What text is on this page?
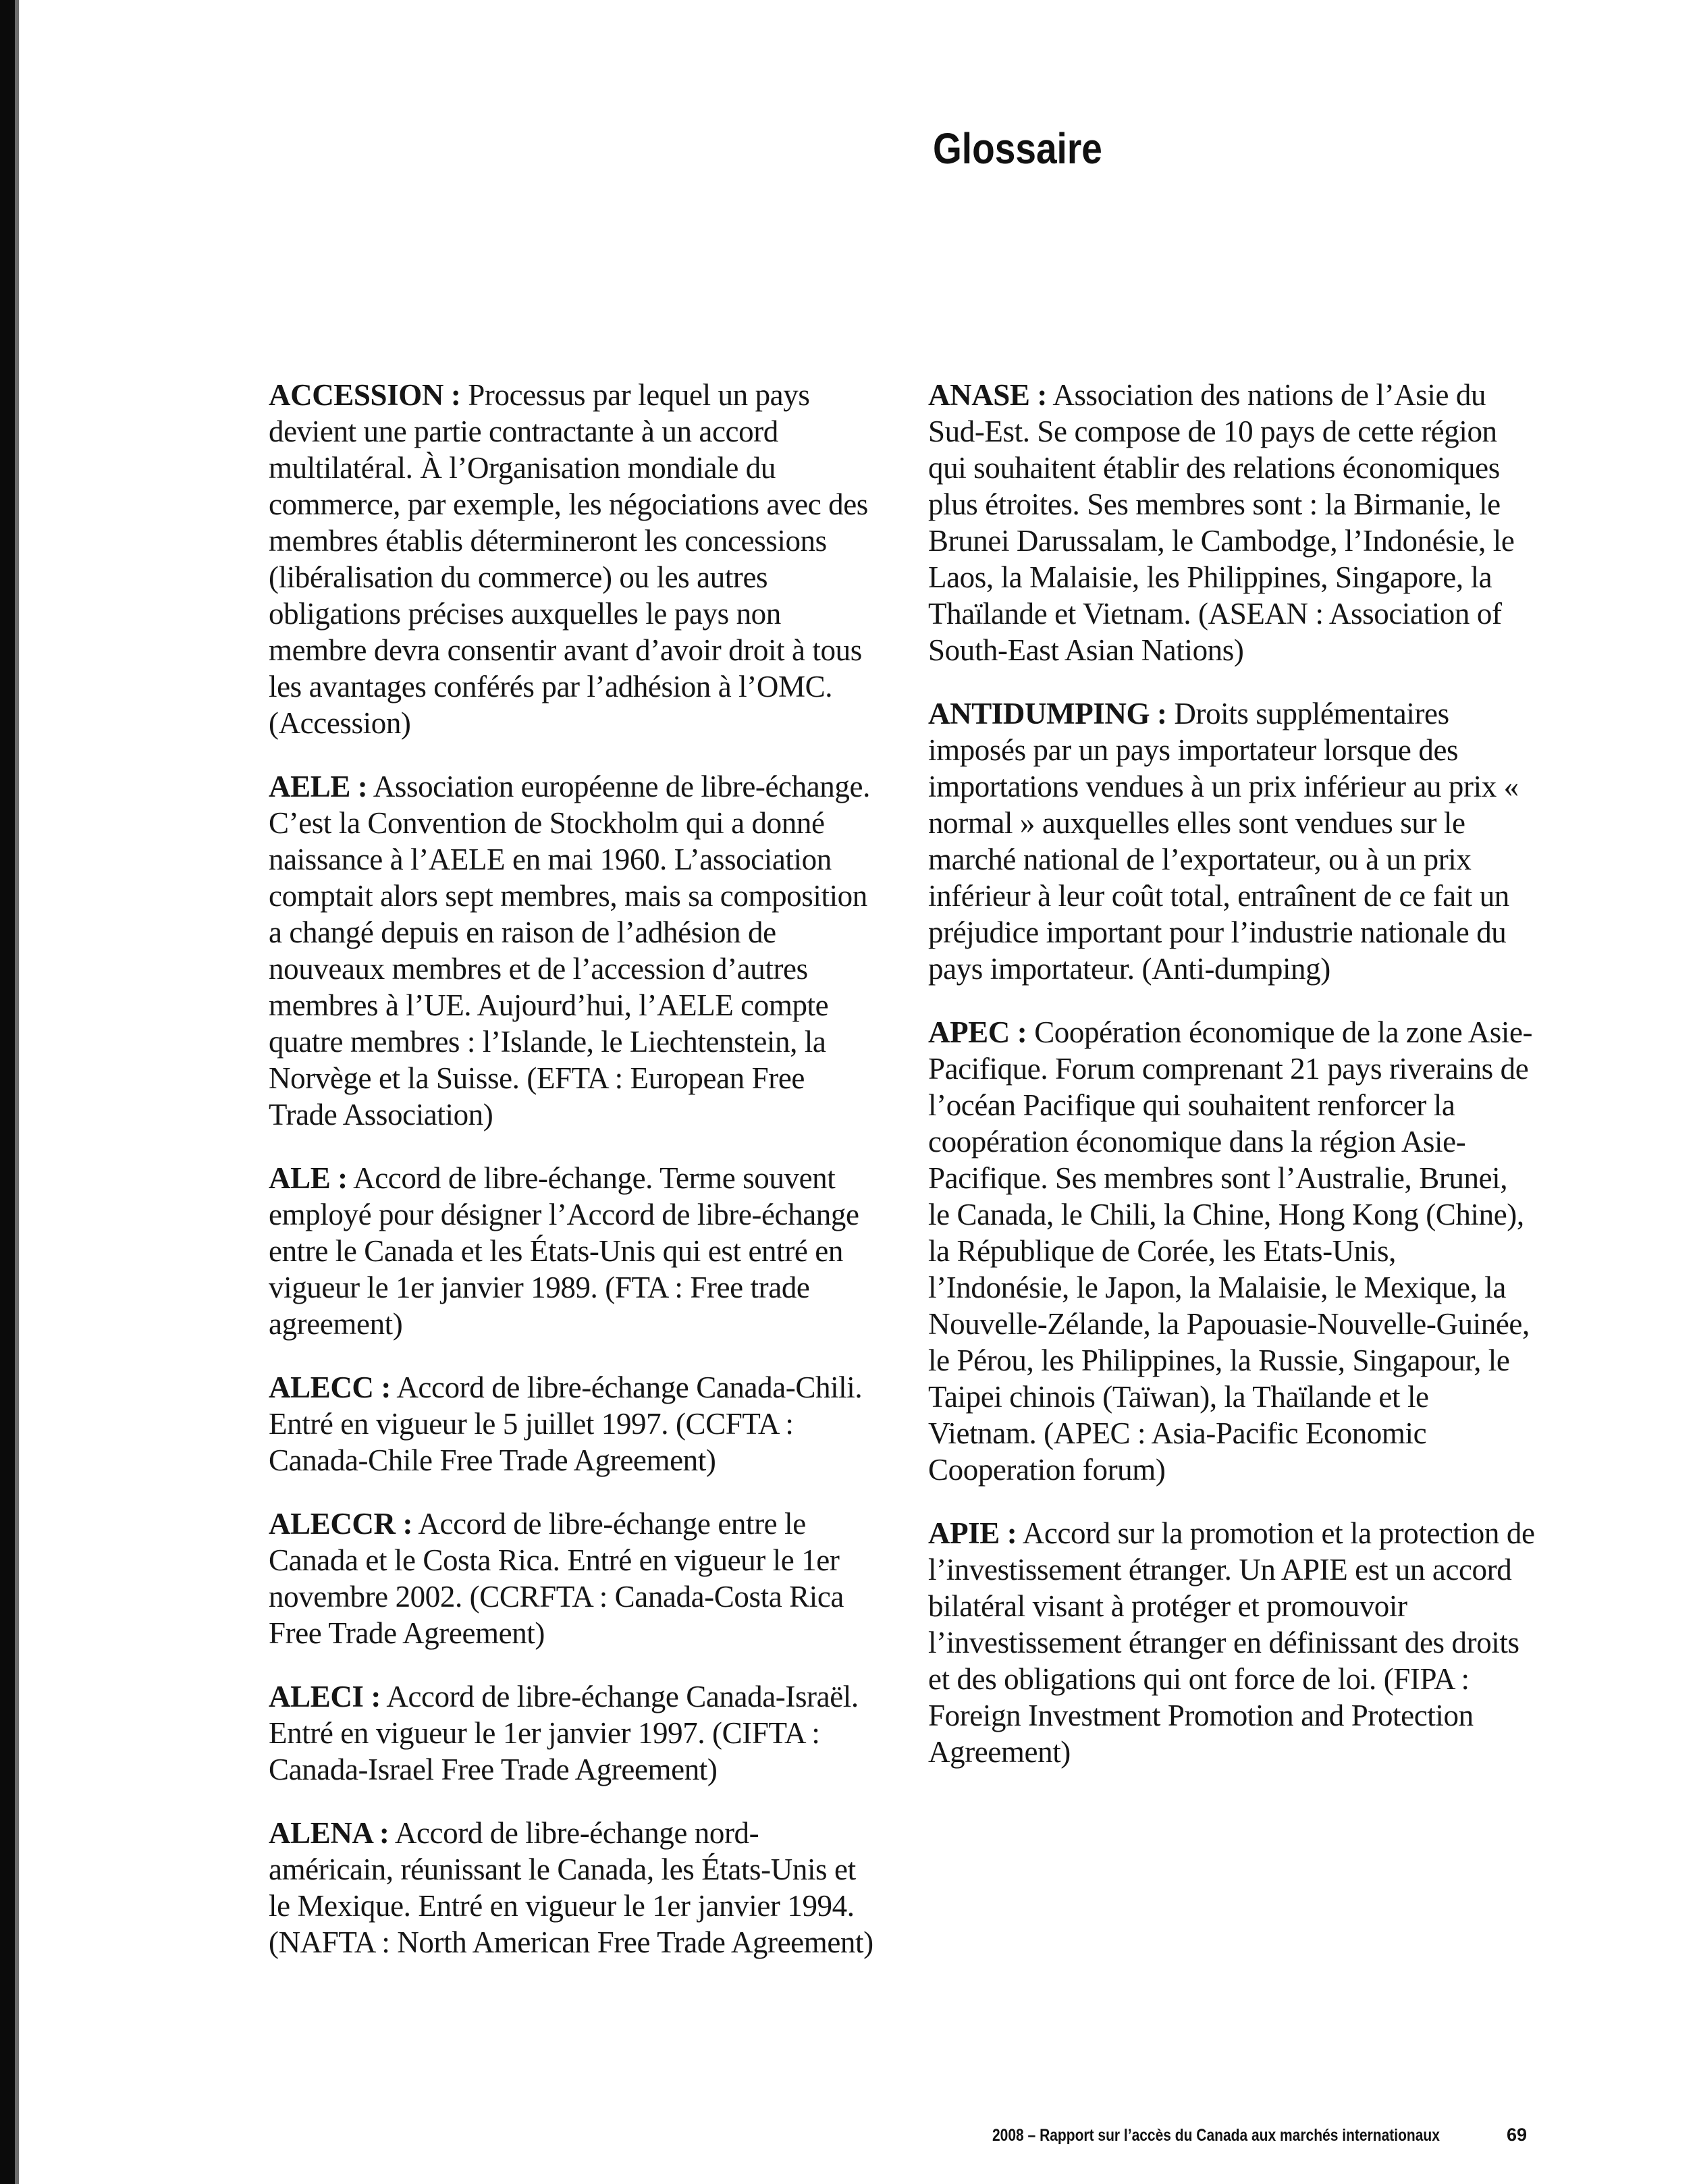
Glossaire

ACCESSION : Processus par lequel un pays devient une partie contractante à un accord multilatéral. À l’Organisation mondiale du commerce, par exemple, les négociations avec des membres établis détermineront les concessions (libéralisation du commerce) ou les autres obligations précises auxquelles le pays non membre devra consentir avant d’avoir droit à tous les avantages conférés par l’adhésion à l’OMC. (Accession)

AELE : Association européenne de libre-échange. C’est la Convention de Stockholm qui a donné naissance à l’AELE en mai 1960. L’association comptait alors sept membres, mais sa composition a changé depuis en raison de l’adhésion de nouveaux membres et de l’accession d’autres membres à l’UE. Aujourd’hui, l’AELE compte quatre membres : l’Islande, le Liechtenstein, la Norvège et la Suisse. (EFTA : European Free Trade Association)

ALE : Accord de libre-échange. Terme souvent employé pour désigner l’Accord de libre-échange entre le Canada et les États-Unis qui est entré en vigueur le 1er janvier 1989. (FTA : Free trade agreement)

ALECC : Accord de libre-échange Canada-Chili. Entré en vigueur le 5 juillet 1997. (CCFTA : Canada-Chile Free Trade Agreement)

ALECCR : Accord de libre-échange entre le Canada et le Costa Rica. Entré en vigueur le 1er novembre 2002. (CCRFTA : Canada-Costa Rica Free Trade Agreement)

ALECI : Accord de libre-échange Canada-Israël. Entré en vigueur le 1er janvier 1997. (CIFTA : Canada-Israel Free Trade Agreement)

ALENA : Accord de libre-échange nord-américain, réunissant le Canada, les États-Unis et le Mexique. Entré en vigueur le 1er janvier 1994. (NAFTA : North American Free Trade Agreement)

ANASE : Association des nations de l’Asie du Sud-Est. Se compose de 10 pays de cette région qui souhaitent établir des relations économiques plus étroites. Ses membres sont : la Birmanie, le Brunei Darussalam, le Cambodge, l’Indonésie, le Laos, la Malaisie, les Philippines, Singapore, la Thaïlande et Vietnam. (ASEAN : Association of South-East Asian Nations)

ANTIDUMPING : Droits supplémentaires imposés par un pays importateur lorsque des importations vendues à un prix inférieur au prix « normal » auxquelles elles sont vendues sur le marché national de l’exportateur, ou à un prix inférieur à leur coût total, entraînent de ce fait un préjudice important pour l’industrie nationale du pays importateur. (Anti-dumping)

APEC : Coopération économique de la zone Asie-Pacifique. Forum comprenant 21 pays riverains de l’océan Pacifique qui souhaitent renforcer la coopération économique dans la région Asie-Pacifique. Ses membres sont l’Australie, Brunei, le Canada, le Chili, la Chine, Hong Kong (Chine), la République de Corée, les Etats-Unis, l’Indonésie, le Japon, la Malaisie, le Mexique, la Nouvelle-Zélande, la Papouasie-Nouvelle-Guinée, le Pérou, les Philippines, la Russie, Singapour, le Taipei chinois (Taïwan), la Thaïlande et le Vietnam. (APEC : Asia-Pacific Economic Cooperation forum)

APIE : Accord sur la promotion et la protection de l’investissement étranger. Un APIE est un accord bilatéral visant à protéger et promouvoir l’investissement étranger en définissant des droits et des obligations qui ont force de loi. (FIPA : Foreign Investment Promotion and Protection Agreement)

2008 – Rapport sur l’accès du Canada aux marchés internationaux	69
